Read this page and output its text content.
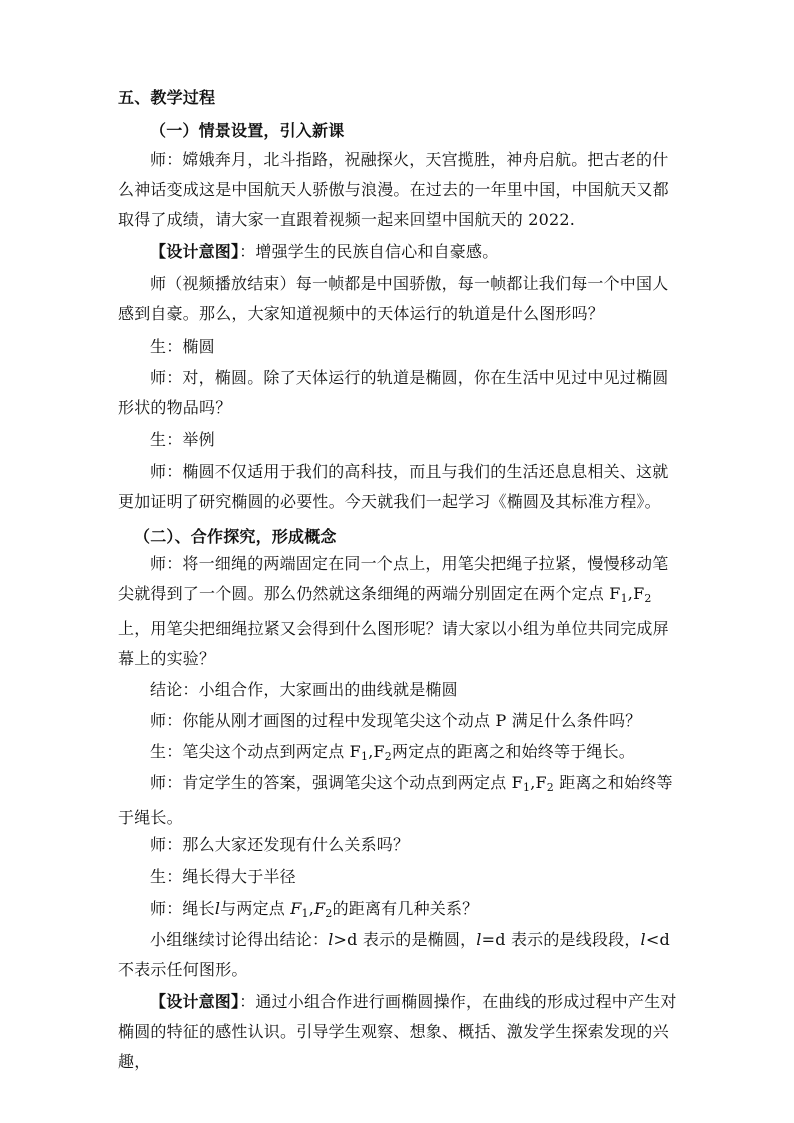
五、教学过程
（一）情景设置，引入新课
师：嫦娥奔月，北斗指路，祝融探火，天宫揽胜，神舟启航。把古老的什么神话变成这是中国航天人骄傲与浪漫。在过去的一年里中国，中国航天又都取得了成绩，请大家一直跟着视频一起来回望中国航天的 2022.
【设计意图】：增强学生的民族自信心和自豪感。
师（视频播放结束）每一帧都是中国骄傲，每一帧都让我们每一个中国人感到自豪。那么，大家知道视频中的天体运行的轨道是什么图形吗？
生：椭圆
师：对，椭圆。除了天体运行的轨道是椭圆，你在生活中见过中见过椭圆形状的物品吗？
生：举例
师：椭圆不仅适用于我们的高科技，而且与我们的生活还息息相关、这就更加证明了研究椭圆的必要性。今天就我们一起学习《椭圆及其标准方程》。
（二）、合作探究，形成概念
师：将一细绳的两端固定在同一个点上，用笔尖把绳子拉紧，慢慢移动笔尖就得到了一个圆。那么仍然就这条细绳的两端分别固定在两个定点 $F_1,F_2$上，用笔尖把细绳拉紧又会得到什么图形呢？请大家以小组为单位共同完成屏幕上的实验？
结论：小组合作，大家画出的曲线就是椭圆
师：你能从刚才画图的过程中发现笔尖这个动点 P 满足什么条件吗？
生：笔尖这个动点到两定点 $F_1,F_2$两定点的距离之和始终等于绳长。
师：肯定学生的答案，强调笔尖这个动点到两定点 $F_1,F_2$ 距离之和始终等于绳长。
师：那么大家还发现有什么关系吗？
生：绳长得大于半径
师：绳长l与两定点 $F_1,F_2$的距离有几种关系？
小组继续讨论得出结论：l>d 表示的是椭圆，l=d 表示的是线段段，l<d 不表示任何图形。
【设计意图】：通过小组合作进行画椭圆操作，在曲线的形成过程中产生对椭圆的特征的感性认识。引导学生观察、想象、概括、激发学生探索发现的兴趣，
